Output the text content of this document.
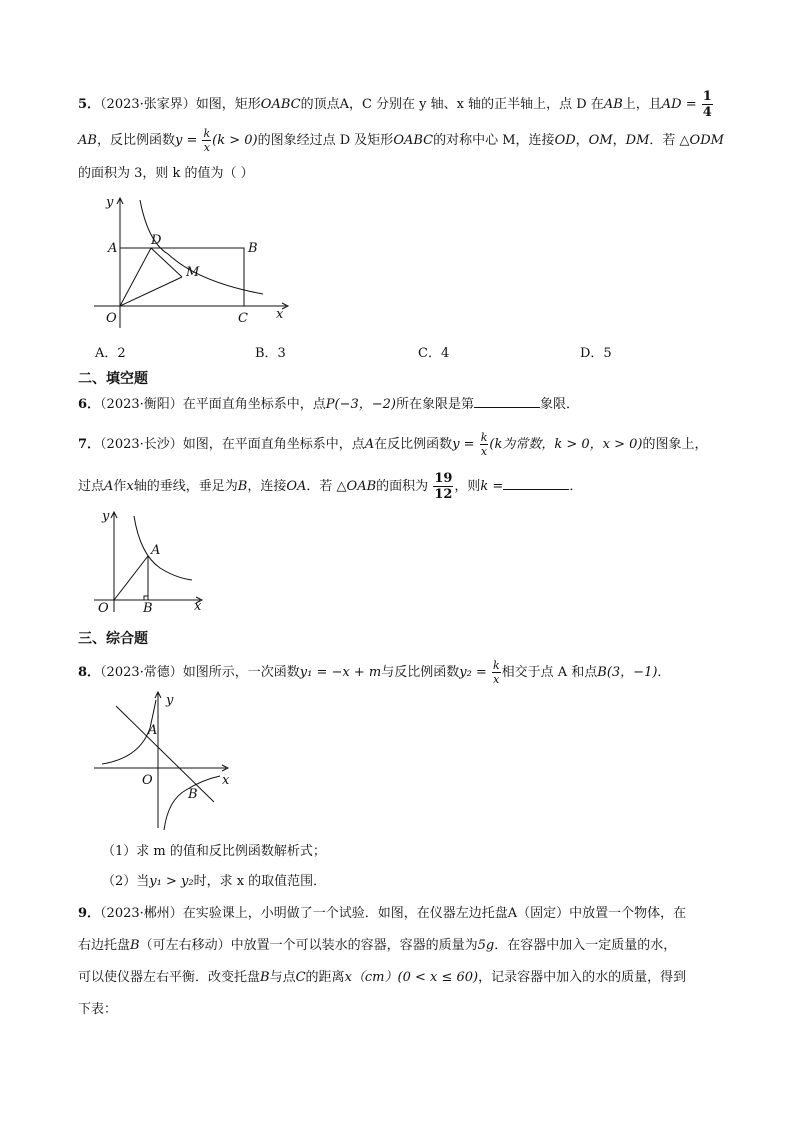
5．（2023·张家界）如图，矩形OABC的顶点A，C 分别在 y 轴、x 轴的正半轴上，点 D 在AB上，且AD = $\frac{1}{4}$
AB，反比例函数$y = \frac{k}{x} (k > 0)$的图象经过点 D 及矩形OABC的对称中心 M，连接OD，OM，DM．若 △ODM
的面积为 3，则 k 的值为（ ）
y
x
A	B
C
D
M
O
A．2	B．3	C．4	D．5
二、填空题
6．（2023·衡阳）在平面直角坐标系中，点P(−3，−2)所在象限是第	象限．
7．（2023·长沙）如图，在平面直角坐标系中，点A在反比例函数$y = \frac{k}{x} (k$为常数，k > 0，x > 0)的图象上，
过点A作x轴的垂线，垂足为B，连接OA．若 △OAB的面积为 $\frac{19}{12}$ ，则k =	．
y
x
A
B
O
三、综合题
8．（2023·常德）如图所示，一次函数y₁ = −x + m与反比例函数$y_2 = \frac{k}{x}$ 相交于点 A 和点B(3，−1)．
y
x
A
B
O
（1）求 m 的值和反比例函数解析式；
（2）当y₁ > y₂时，求 x 的取值范围．
9．（2023·郴州）在实验课上，小明做了一个试验．如图，在仪器左边托盘A（固定）中放置一个物体，在
右边托盘B（可左右移动）中放置一个可以装水的容器，容器的质量为5g．在容器中加入一定质量的水，
可以使仪器左右平衡．改变托盘B与点C的距离x（cm）(0 < x ≤ 60)，记录容器中加入的水的质量，得到
下表：
